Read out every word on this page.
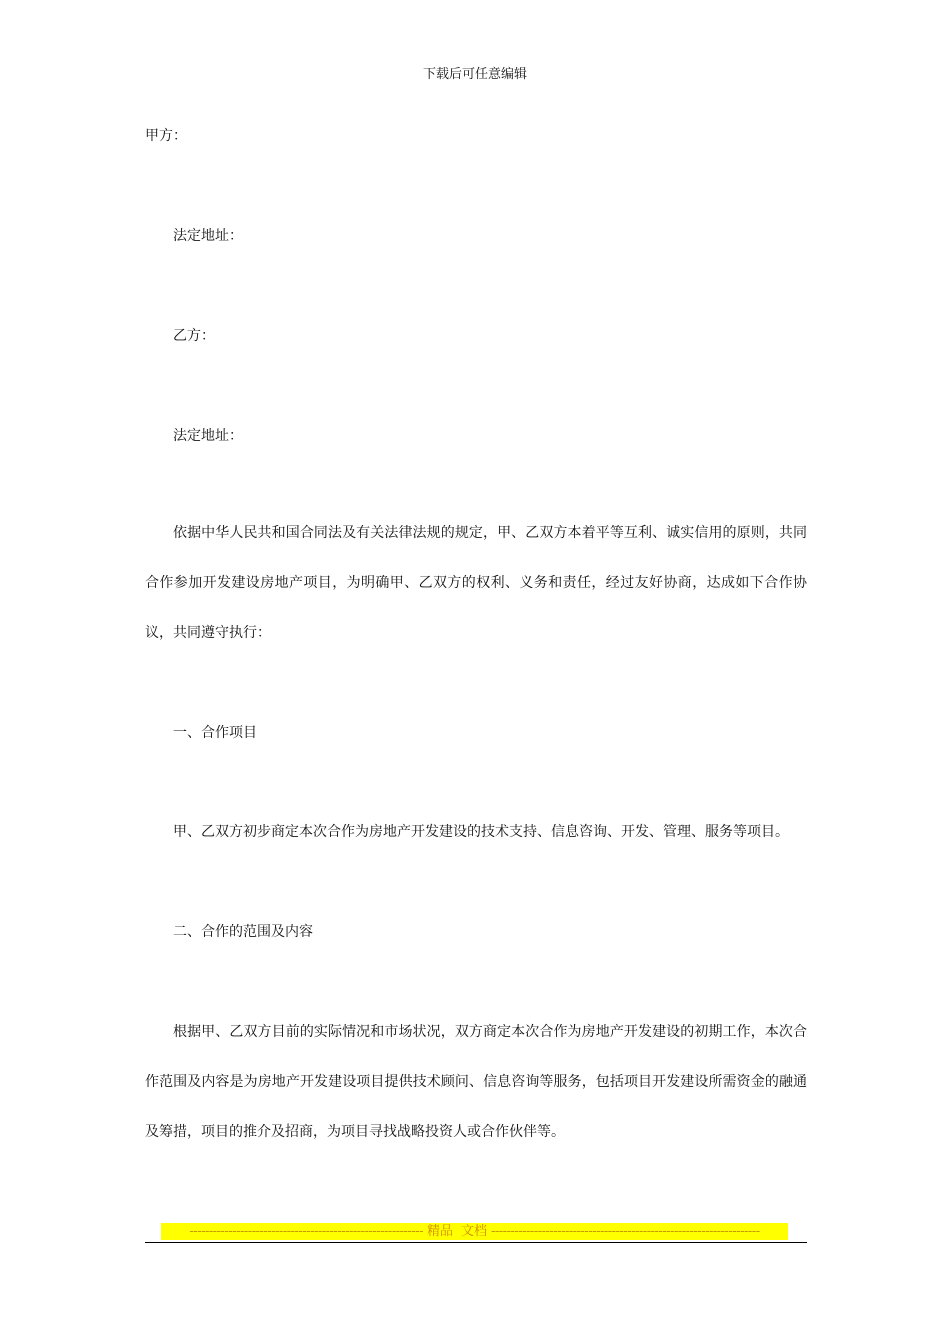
下载后可任意编辑
甲方：
法定地址：
乙方：
法定地址：

依据中华人民共和国合同法及有关法律法规的规定，甲、乙双方本着平等互利、诚实信用的原则，共同合作参加开发建设房地产项目，为明确甲、乙双方的权利、义务和责任，经过友好协商，达成如下合作协议，共同遵守执行：

一、合作项目

甲、乙双方初步商定本次合作为房地产开发建设的技术支持、信息咨询、开发、管理、服务等项目。

二、合作的范围及内容

根据甲、乙双方目前的实际情况和市场状况，双方商定本次合作为房地产开发建设的初期工作，本次合作范围及内容是为房地产开发建设项目提供技术顾问、信息咨询等服务，包括项目开发建设所需资金的融通及筹措，项目的推介及招商，为项目寻找战略投资人或合作伙伴等。

------------------------------------------------------------ 精品 文档 ---------------------------------------------------------------------
